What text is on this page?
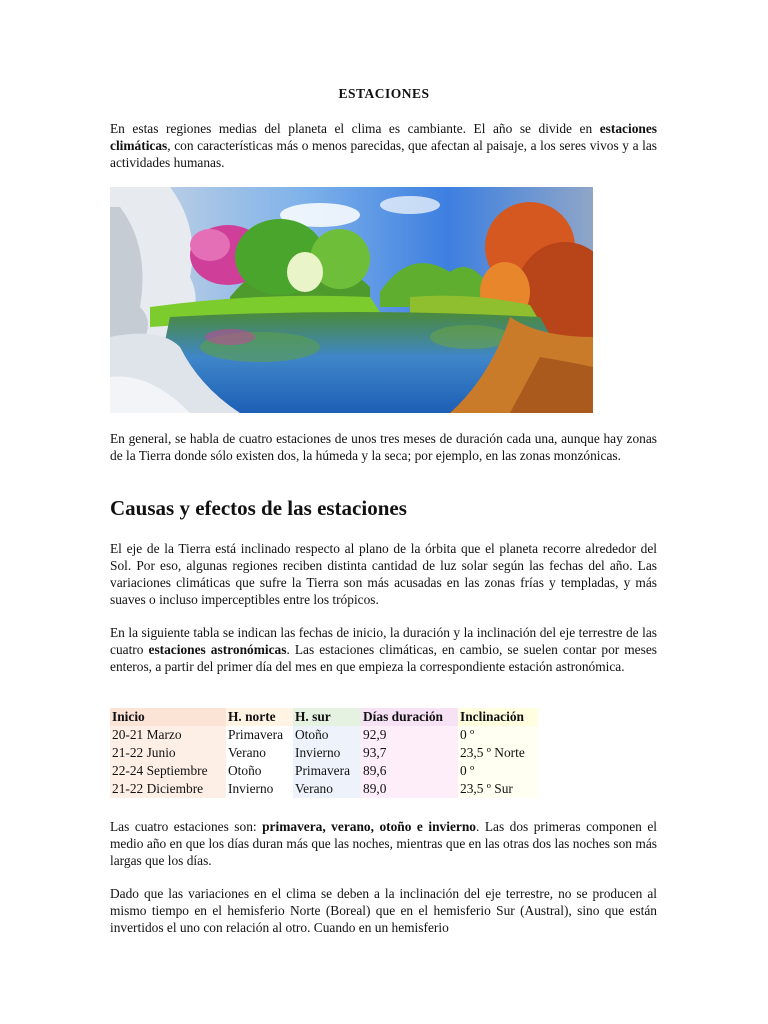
ESTACIONES

En estas regiones medias del planeta el clima es cambiante. El año se divide en estaciones climáticas, con características más o menos parecidas, que afectan al paisaje, a los seres vivos y a las actividades humanas.

En general, se habla de cuatro estaciones de unos tres meses de duración cada una, aunque hay zonas de la Tierra donde sólo existen dos, la húmeda y la seca; por ejemplo, en las zonas monzónicas.

Causas y efectos de las estaciones

El eje de la Tierra está inclinado respecto al plano de la órbita que el planeta recorre alrededor del Sol. Por eso, algunas regiones reciben distinta cantidad de luz solar según las fechas del año. Las variaciones climáticas que sufre la Tierra son más acusadas en las zonas frías y templadas, y más suaves o incluso imperceptibles entre los trópicos.

En la siguiente tabla se indican las fechas de inicio, la duración y la inclinación del eje terrestre de las cuatro estaciones astronómicas. Las estaciones climáticas, en cambio, se suelen contar por meses enteros, a partir del primer día del mes en que empieza la correspondiente estación astronómica.

Inicio	H. norte	H. sur	Días duración	Inclinación
20-21 Marzo	Primavera	Otoño	92,9	0 º
21-22 Junio	Verano	Invierno	93,7	23,5 º Norte
22-24 Septiembre	Otoño	Primavera	89,6	0 º
21-22 Diciembre	Invierno	Verano	89,0	23,5 º Sur

Las cuatro estaciones son: primavera, verano, otoño e invierno. Las dos primeras componen el medio año en que los días duran más que las noches, mientras que en las otras dos las noches son más largas que los días.

Dado que las variaciones en el clima se deben a la inclinación del eje terrestre, no se producen al mismo tiempo en el hemisferio Norte (Boreal) que en el hemisferio Sur (Austral), sino que están invertidos el uno con relación al otro. Cuando en un hemisferio
